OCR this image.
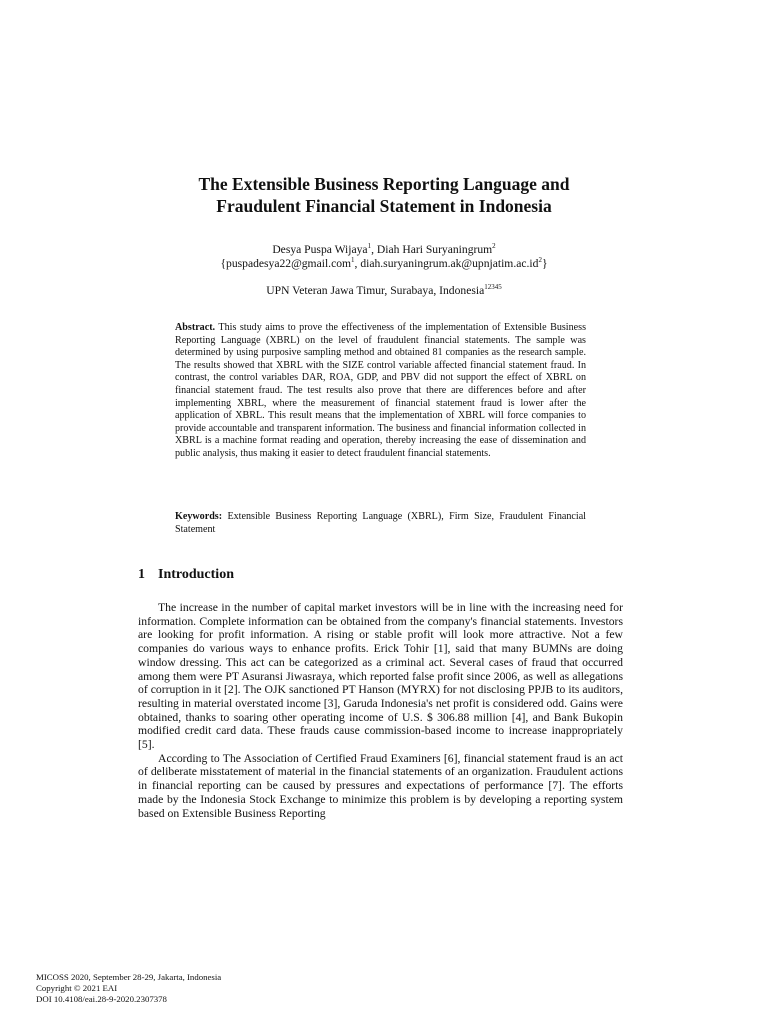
The Extensible Business Reporting Language and
Fraudulent Financial Statement in Indonesia
Desya Puspa Wijaya$^1$, Diah Hari Suryaningrum$^2$
{puspadesya22@gmail.com$^1$, $diah.suryaningrum.ak@upnjatim.ac.id^2$}
UPN Veteran Jawa Timur, Surabaya, Indonesia$^{12345}$
Abstract. This study aims to prove the effectiveness of the implementation of Extensible Business Reporting Language (XBRL) on the level of fraudulent financial statements. The sample was determined by using purposive sampling method and obtained 81 companies as the research sample. The results showed that XBRL with the SIZE control variable affected financial statement fraud. In contrast, the control variables DAR, ROA, GDP, and PBV did not support the effect of XBRL on financial statement fraud. The test results also prove that there are differences before and after implementing XBRL, where the measurement of financial statement fraud is lower after the application of XBRL. This result means that the implementation of XBRL will force companies to provide accountable and transparent information. The business and financial information collected in XBRL is a machine format reading and operation, thereby increasing the ease of dissemination and public analysis, thus making it easier to detect fraudulent financial statements.
Keywords: Extensible Business Reporting Language (XBRL), Firm Size, Fraudulent Financial Statement
1 Introduction

The increase in the number of capital market investors will be in line with the increasing need for information. Complete information can be obtained from the company's financial statements. Investors are looking for profit information. A rising or stable profit will look more attractive. Not a few companies do various ways to enhance profits. Erick Tohir [1], said that many BUMNs are doing window dressing. This act can be categorized as a criminal act. Several cases of fraud that occurred among them were PT Asuransi Jiwasraya, which reported false profit since 2006, as well as allegations of corruption in it [2]. The OJK sanctioned PT Hanson (MYRX) for not disclosing PPJB to its auditors, resulting in material overstated income [3], Garuda Indonesia's net profit is considered odd. Gains were obtained, thanks to soaring other operating income of U.S. $ 306.88 million [4], and Bank Bukopin modified credit card data. These frauds cause commission-based income to increase inappropriately [5].

According to The Association of Certified Fraud Examiners [6], financial statement fraud is an act of deliberate misstatement of material in the financial statements of an organization. Fraudulent actions in financial reporting can be caused by pressures and expectations of performance [7]. The efforts made by the Indonesia Stock Exchange to minimize this problem is by developing a reporting system based on Extensible Business Reporting

MICOSS 2020, September 28-29, Jakarta, Indonesia
Copyright © 2021 EAI
DOI 10.4108/eai.28-9-2020.2307378
